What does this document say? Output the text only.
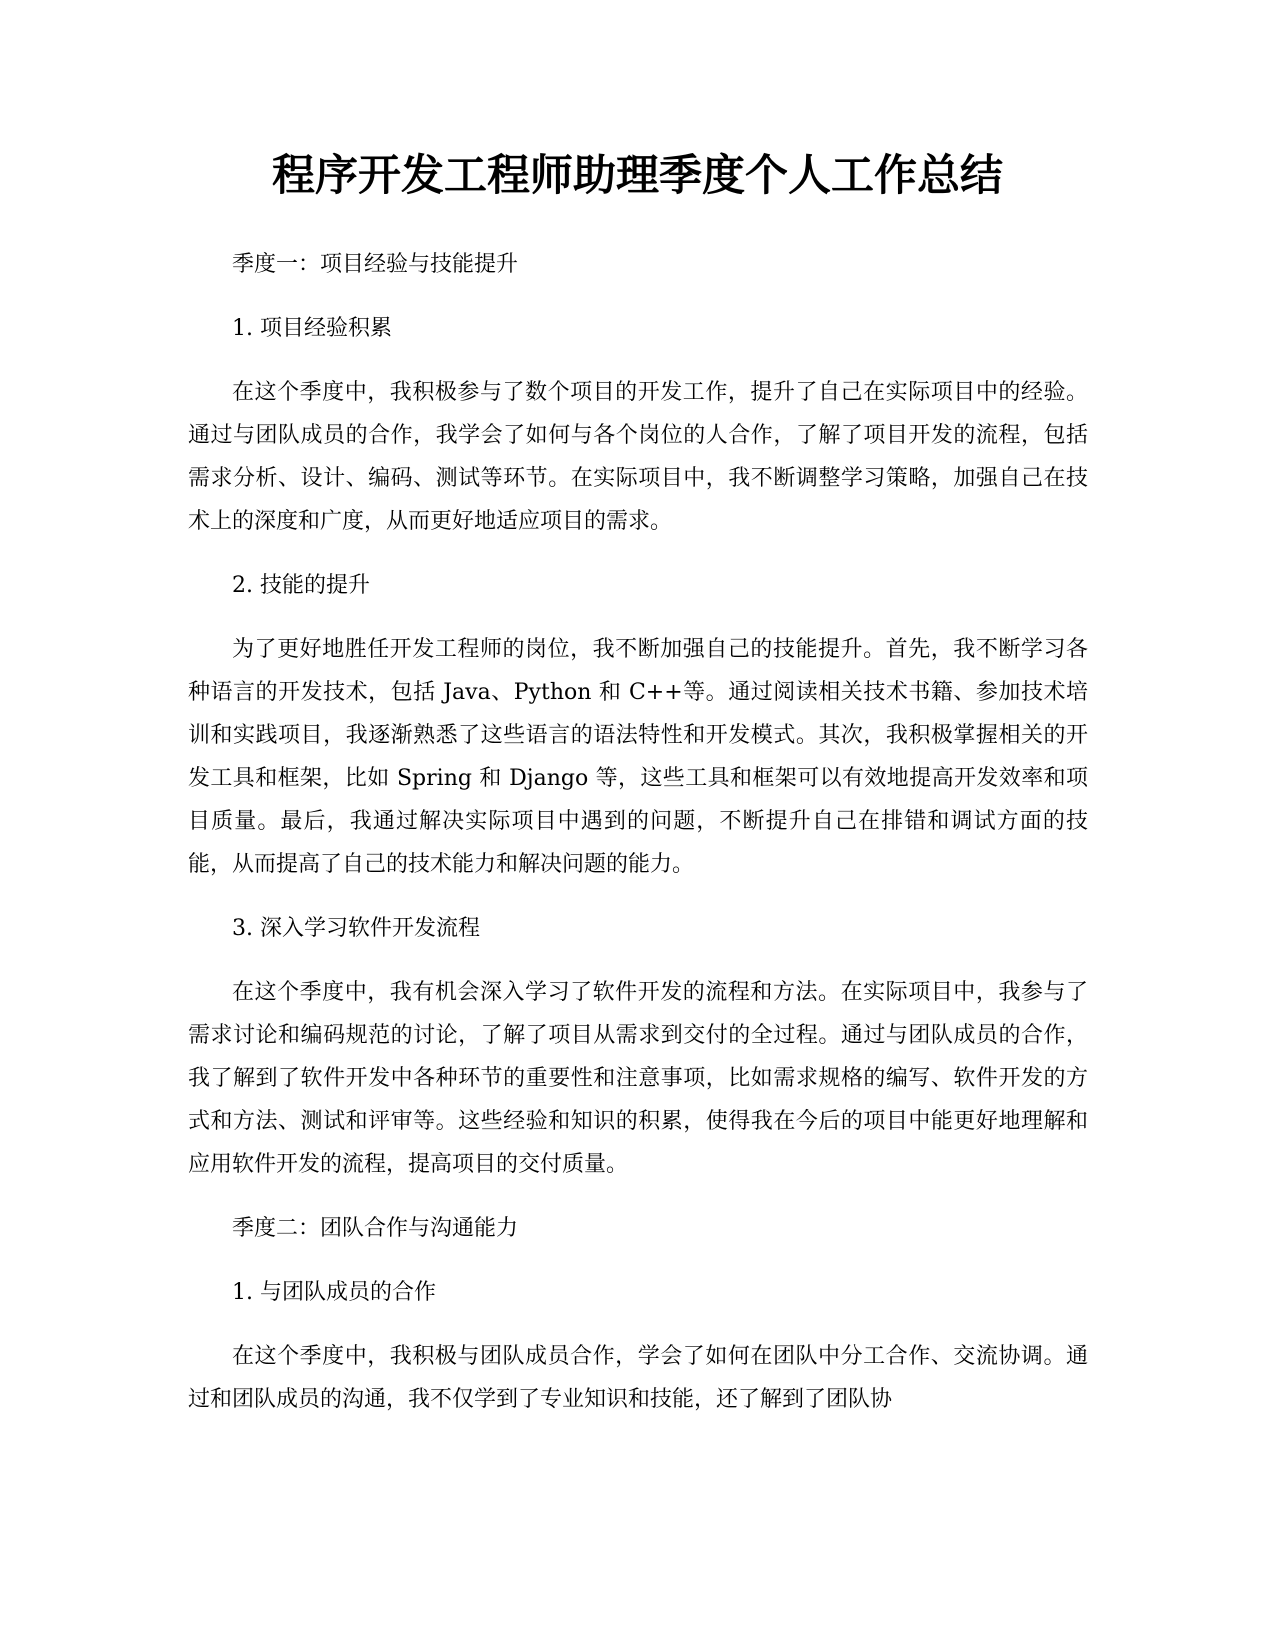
程序开发工程师助理季度个人工作总结

季度一：项目经验与技能提升

1. 项目经验积累

在这个季度中，我积极参与了数个项目的开发工作，提升了自己在实际项目中的经验。通过与团队成员的合作，我学会了如何与各个岗位的人合作，了解了项目开发的流程，包括需求分析、设计、编码、测试等环节。在实际项目中，我不断调整学习策略，加强自己在技术上的深度和广度，从而更好地适应项目的需求。

2. 技能的提升

为了更好地胜任开发工程师的岗位，我不断加强自己的技能提升。首先，我不断学习各种语言的开发技术，包括 Java、Python 和 C++等。通过阅读相关技术书籍、参加技术培训和实践项目，我逐渐熟悉了这些语言的语法特性和开发模式。其次，我积极掌握相关的开发工具和框架，比如 Spring 和 Django 等，这些工具和框架可以有效地提高开发效率和项目质量。最后，我通过解决实际项目中遇到的问题，不断提升自己在排错和调试方面的技能，从而提高了自己的技术能力和解决问题的能力。

3. 深入学习软件开发流程

在这个季度中，我有机会深入学习了软件开发的流程和方法。在实际项目中，我参与了需求讨论和编码规范的讨论，了解了项目从需求到交付的全过程。通过与团队成员的合作，我了解到了软件开发中各种环节的重要性和注意事项，比如需求规格的编写、软件开发的方式和方法、测试和评审等。这些经验和知识的积累，使得我在今后的项目中能更好地理解和应用软件开发的流程，提高项目的交付质量。

季度二：团队合作与沟通能力

1. 与团队成员的合作

在这个季度中，我积极与团队成员合作，学会了如何在团队中分工合作、交流协调。通过和团队成员的沟通，我不仅学到了专业知识和技能，还了解到了团队协
